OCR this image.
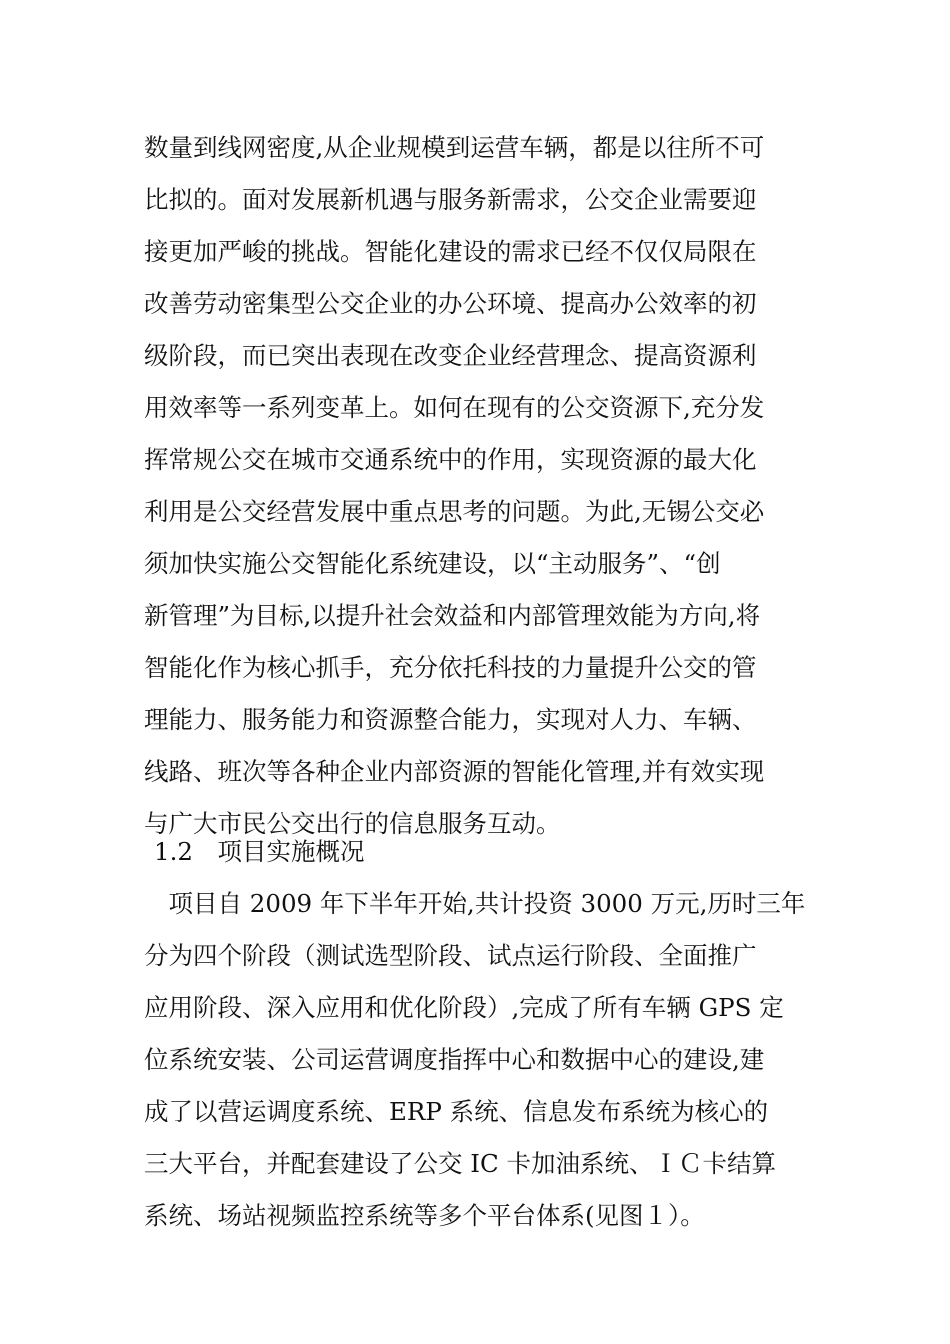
数量到线网密度,从企业规模到运营车辆，都是以往所不可
比拟的。面对发展新机遇与服务新需求，公交企业需要迎
接更加严峻的挑战。智能化建设的需求已经不仅仅局限在
改善劳动密集型公交企业的办公环境、提高办公效率的初
级阶段，而已突出表现在改变企业经营理念、提高资源利
用效率等一系列变革上。如何在现有的公交资源下,充分发
挥常规公交在城市交通系统中的作用，实现资源的最大化
利用是公交经营发展中重点思考的问题。为此,无锡公交必
须加快实施公交智能化系统建设，以“主动服务”、“创
新管理”为目标,以提升社会效益和内部管理效能为方向,将
智能化作为核心抓手，充分依托科技的力量提升公交的管
理能力、服务能力和资源整合能力，实现对人力、车辆、
线路、班次等各种企业内部资源的智能化管理,并有效实现
与广大市民公交出行的信息服务互动。
1.2　项目实施概况
　项目自 2009 年下半年开始,共计投资 3000 万元,历时三年
分为四个阶段（测试选型阶段、试点运行阶段、全面推广
应用阶段、深入应用和优化阶段）,完成了所有车辆 GPS 定
位系统安装、公司运营调度指挥中心和数据中心的建设,建
成了以营运调度系统、ERP 系统、信息发布系统为核心的
三大平台，并配套建设了公交 IC 卡加油系统、ＩＣ卡结算
系统、场站视频监控系统等多个平台体系(见图１）。
